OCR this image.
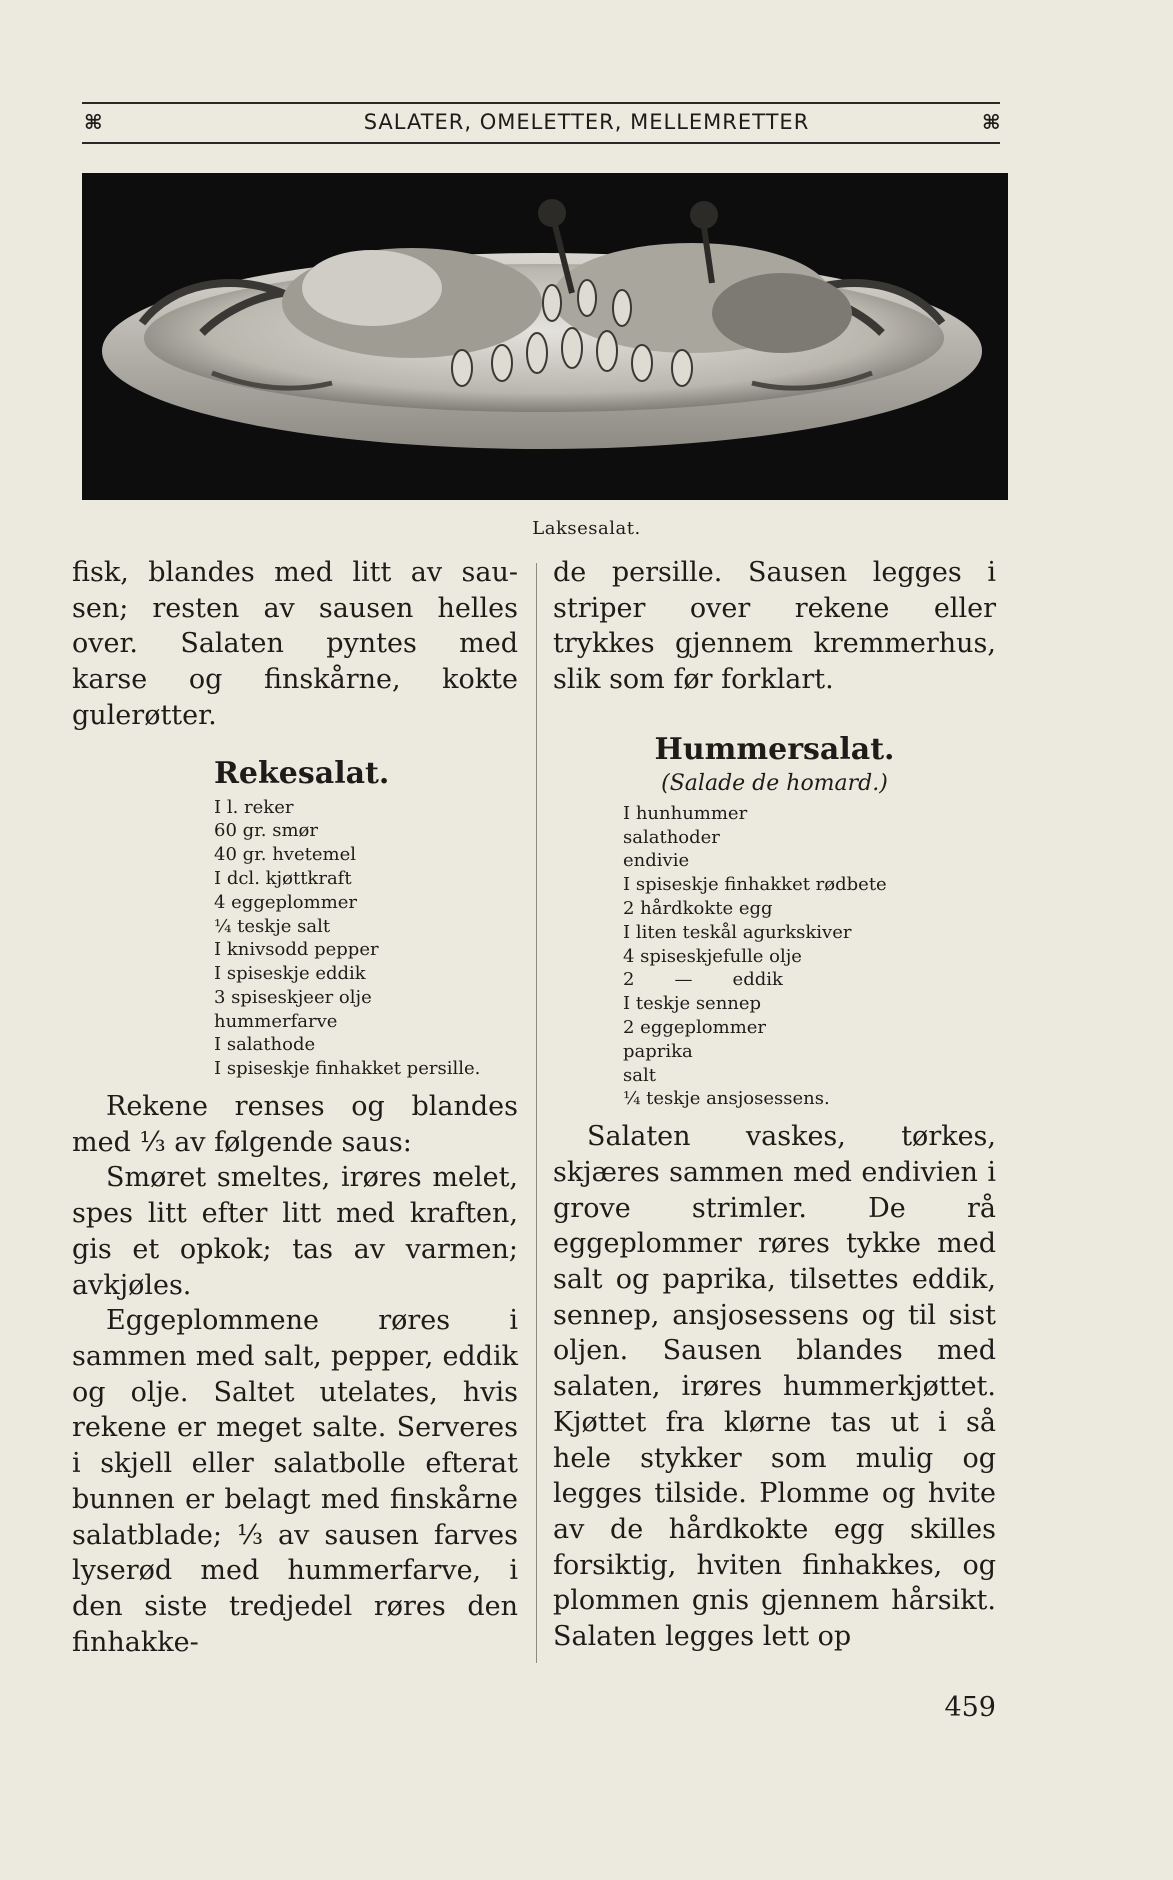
⌘	SALATER, OMELETTER, MELLEMRETTER	⌘
Laksesalat.

fisk, blandes med litt av sau-
sen; resten av sausen helles
over. Salaten pyntes med
karse og finskårne, kokte
gulerøtter.

Rekesalat.
I l. reker
60 gr. smør
40 gr. hvetemel
I dcl. kjøttkraft
4 eggeplommer
¼ teskje salt
I knivsodd pepper
I spiseskje eddik
3 spiseskjeer olje
hummerfarve
I salathode
I spiseskje finhakket persille.

Rekene renses og blandes med ⅓ av følgende saus:

Smøret smeltes, irøres melet, spes litt efter litt med kraften, gis et opkok; tas av varmen; avkjøles.

Eggeplommene røres i sammen med salt, pepper, eddik og olje. Saltet utelates, hvis rekene er meget salte. Serveres i skjell eller salatbolle efterat bunnen er belagt med finskårne salatblade; ⅓ av sausen farves lyserød med hummerfarve, i den siste tredjedel røres den finhakke-

de persille. Sausen legges i striper over rekene eller trykkes gjennem kremmerhus, slik som før forklart.

Hummersalat.

(Salade de homard.)

I hunhummer
salathoder
endivie
I spiseskje finhakket rødbete
2 hårdkokte egg
I liten teskål agurkskiver
4 spiseskjefulle olje
2       —       eddik
I teskje sennep
2 eggeplommer
paprika
salt
¼ teskje ansjosessens.

Salaten vaskes, tørkes, skjæres sammen med endivien i grove strimler. De rå eggeplommer røres tykke med salt og paprika, tilsettes eddik, sennep, ansjosessens og til sist oljen. Sausen blandes med salaten, irøres hummerkjøttet. Kjøttet fra klørne tas ut i så hele stykker som mulig og legges tilside. Plomme og hvite av de hårdkokte egg skilles forsiktig, hviten finhakkes, og plommen gnis gjennem hårsikt. Salaten legges lett op

459
